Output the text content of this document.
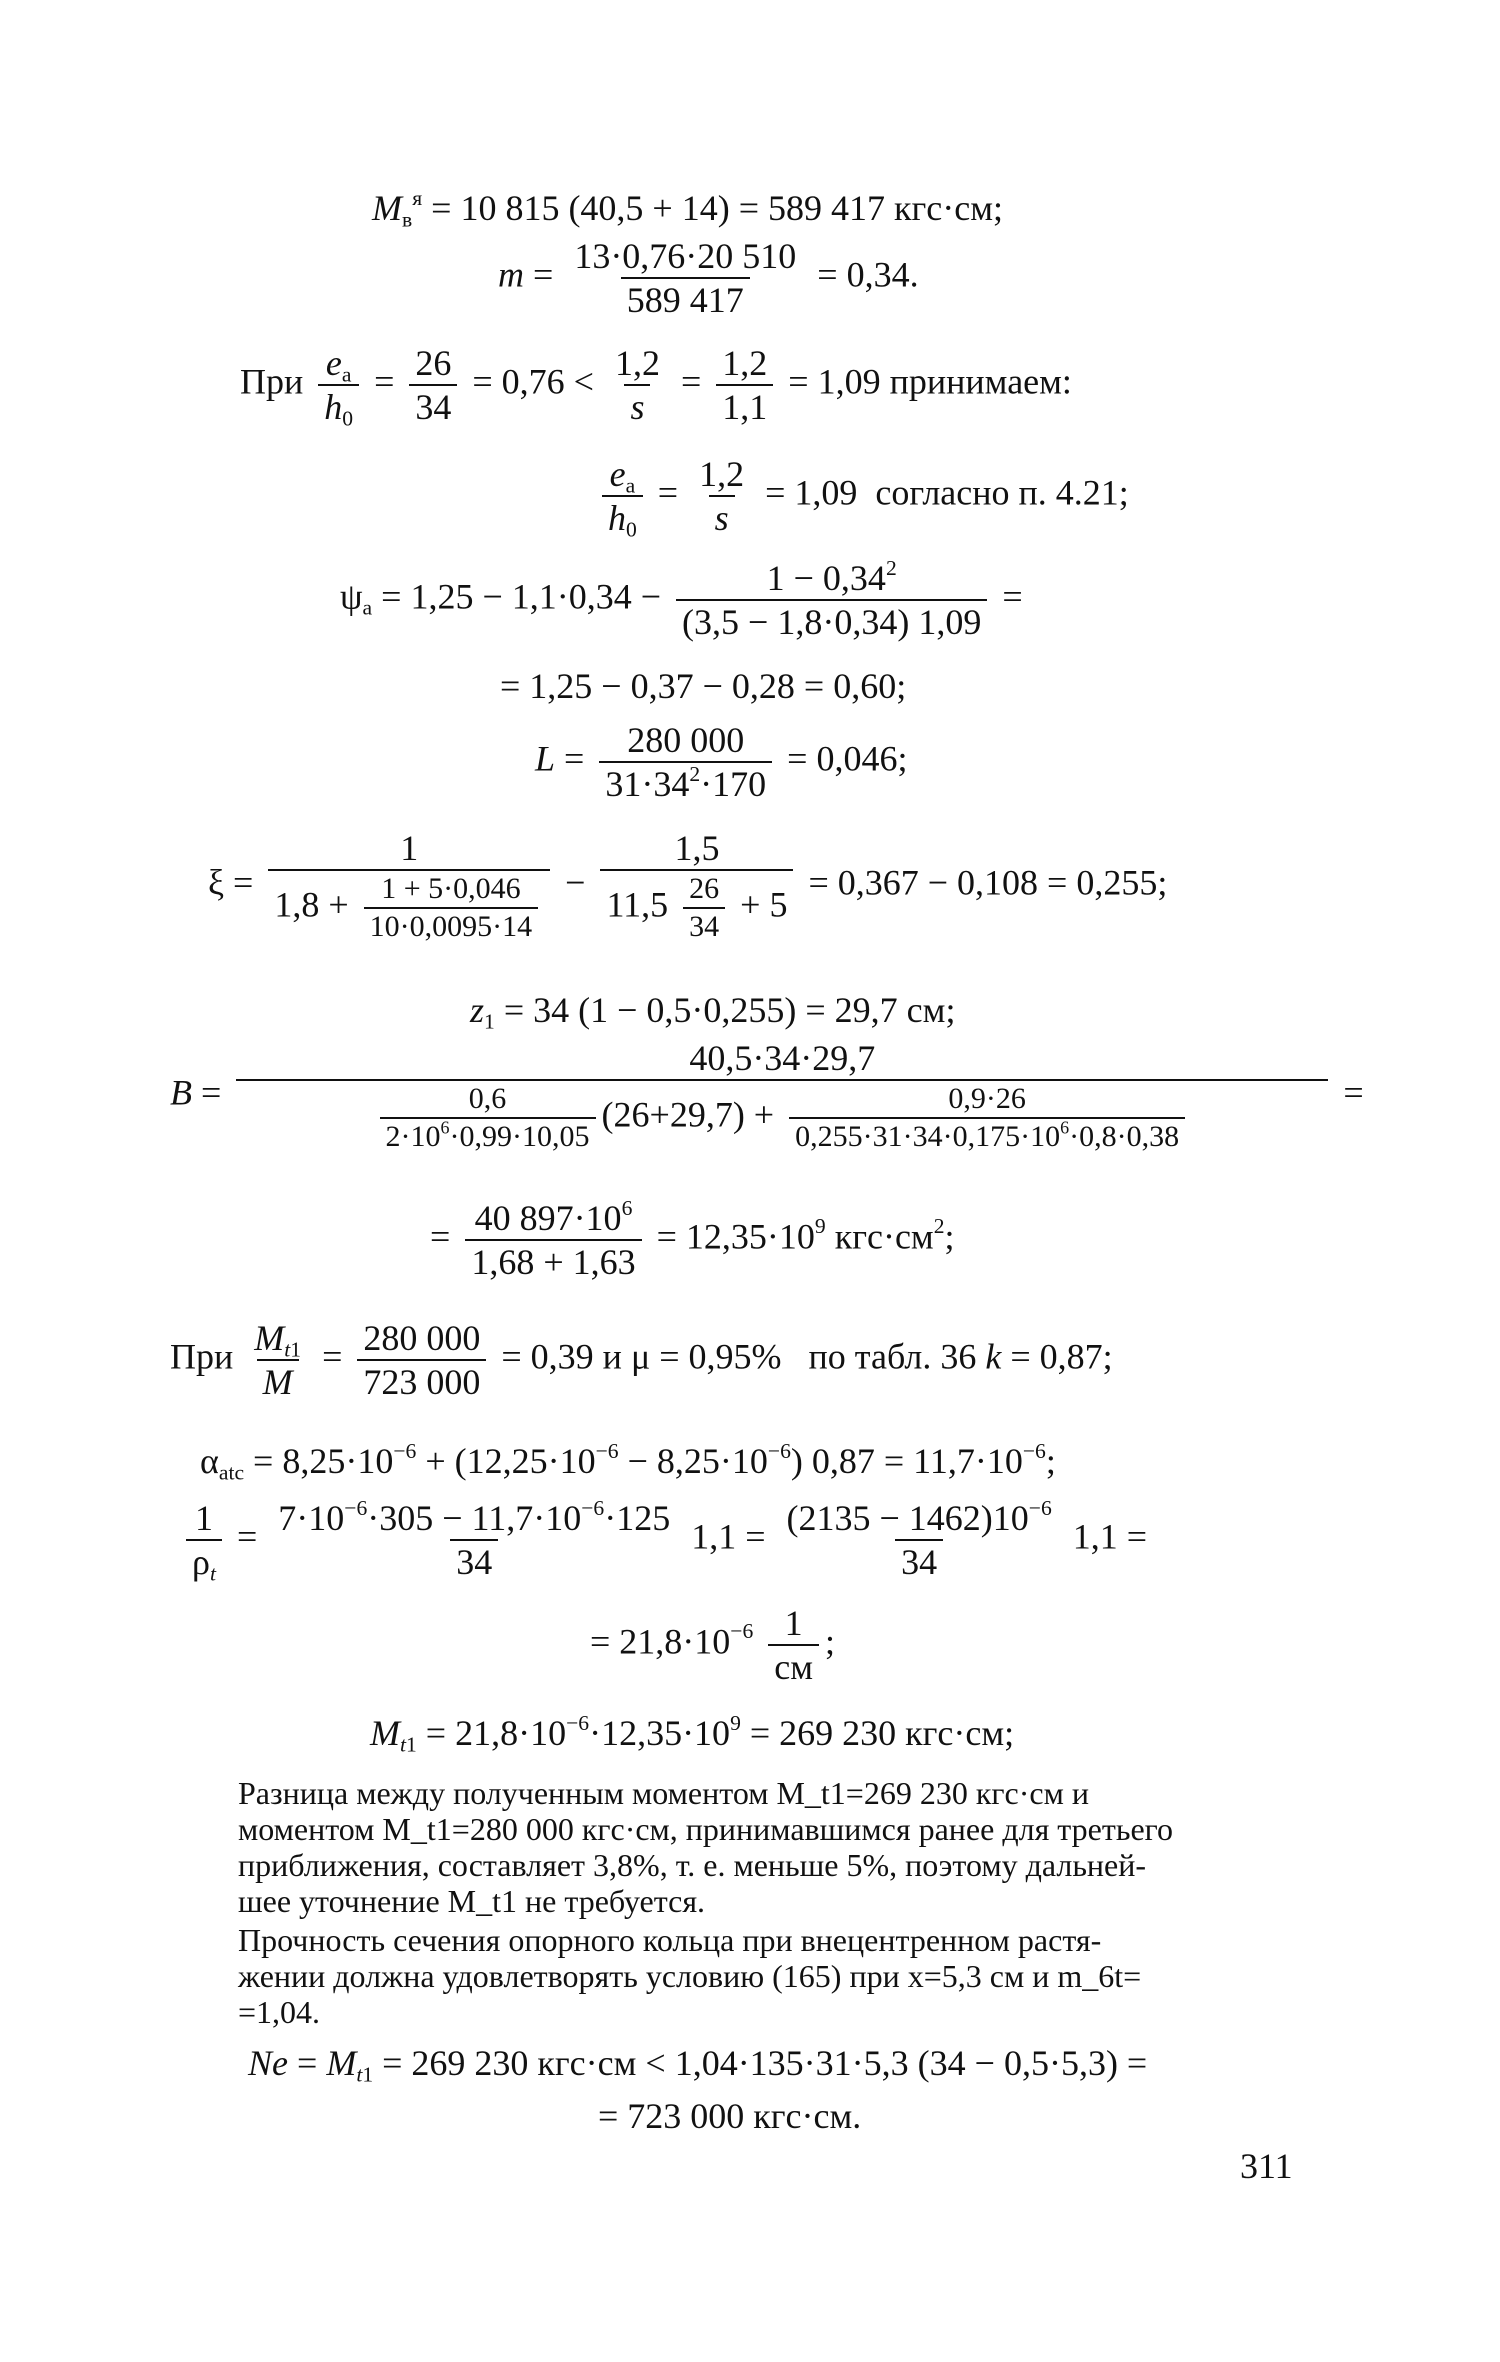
$M_в^я = 10$ 815 (40,5 + 14) = 589 417 кгс·см;
$m = \frac{13\cdot 0,76\cdot 20 510}{589 417} = 0,34$.
При $\frac{e_a}{h_0} = \frac{26}{34} = 0,76 < \frac{1,2}{s} = \frac{1,2}{1,1} = 1,09$ принимаем:
$\frac{e_a}{h_0} = \frac{1,2}{s} = 1,09$  согласно п. 4.21;
$\psi_a = 1,25 - 1,1\cdot 0,34 - \frac{1 - 0,34^2}{(3,5 - 1,8\cdot 0,34) 1,09}$ =
= 1,25 − 0,37 − 0,28 = 0,60;
$L = \frac{280 000}{31\cdot 34^2\cdot 170} = 0,046$;
$\xi = \frac{1}{1,8 + \frac{1 + 5\cdot 0,046}{10\cdot 0,0095\cdot 14}} - \frac{1,5}{11,5 \frac{26}{34} + 5} = 0,367 - 0,108 = 0,255$;
$z_1 = 34$ (1 − 0,5·0,255) = 29,7 см;
B =
40,5·34·29,7
$\frac{0,6}{2\cdot 10^6\cdot 0,99\cdot 10,05} (26+29,7) + \frac{0,9\cdot 26}{0,255\cdot 31\cdot 34\cdot 0,175\cdot 10^6\cdot 0,8\cdot 0,38}$	=
= $\frac{40 897\cdot 10^6}{1,68 + 1,63} = 12,35\cdot 10^9$ $кгс\cdot см^2$;
При $\frac{M_{t1}}{M} = \frac{280 000}{723 000} = 0,39$ и μ = 0,95%   по табл. 36 k = 0,87;
$\alpha_{atc} = 8,25\cdot 10^{-6} + (12,25\cdot 10^{-6} - 8,25\cdot 10^{-6}) 0,87 = 11,7\cdot 10^{-6}$;
$\frac{1}{\rho_t} = \frac{7\cdot 10^{-6}\cdot 305 - 11,7\cdot 10^{-6}\cdot 125}{34} 1,1 = \frac{(2135 - 1462)10^{-6}}{34} 1,1$ =
= $21,8\cdot 10^{-6} \frac{1}{см}$ ;
$M_{t1} = 21,8\cdot 10^{-6}\cdot 12,35\cdot 10^9 = 269$ 230 кгс·см;
Разница между полученным моментом M_t1=269 230 кгс·см и
моментом M_t1=280 000 кгс·см, принимавшимся ранее для третьего
приближения, составляет 3,8%, т. е. меньше 5%, поэтому дальней-
шее уточнение M_t1 не требуется.
Прочность сечения опорного кольца при внецентренном растя-
жении должна удовлетворять условию (165) при x=5,3 см и m_6t=
=1,04.
$Ne = M_{t1} = 269$ 230 кгс·см < 1,04·135·31·5,3 (34 − 0,5·5,3) =
= 723 000 кгс·см.
311
